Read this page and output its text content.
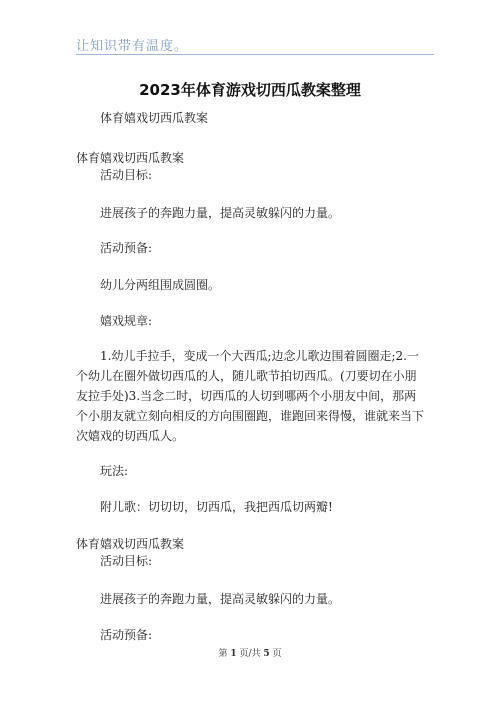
让知识带有温度。
2023年体育游戏切西瓜教案整理
体育嬉戏切西瓜教案
体育嬉戏切西瓜教案
活动目标:
进展孩子的奔跑力量，提高灵敏躲闪的力量。
活动预备:
幼儿分两组围成圆圈。
嬉戏规章:
1.幼儿手拉手，变成一个大西瓜;边念儿歌边围着圆圈走;2.一个幼儿在圈外做切西瓜的人，随儿歌节拍切西瓜。(刀要切在小朋友拉手处)3.当念二时，切西瓜的人切到哪两个小朋友中间，那两个小朋友就立刻向相反的方向围圈跑，谁跑回来得慢，谁就来当下次嬉戏的切西瓜人。
玩法:
附儿歌：切切切，切西瓜，我把西瓜切两瓣!
体育嬉戏切西瓜教案
活动目标:
进展孩子的奔跑力量，提高灵敏躲闪的力量。
活动预备:
第 1 页/共 5 页
